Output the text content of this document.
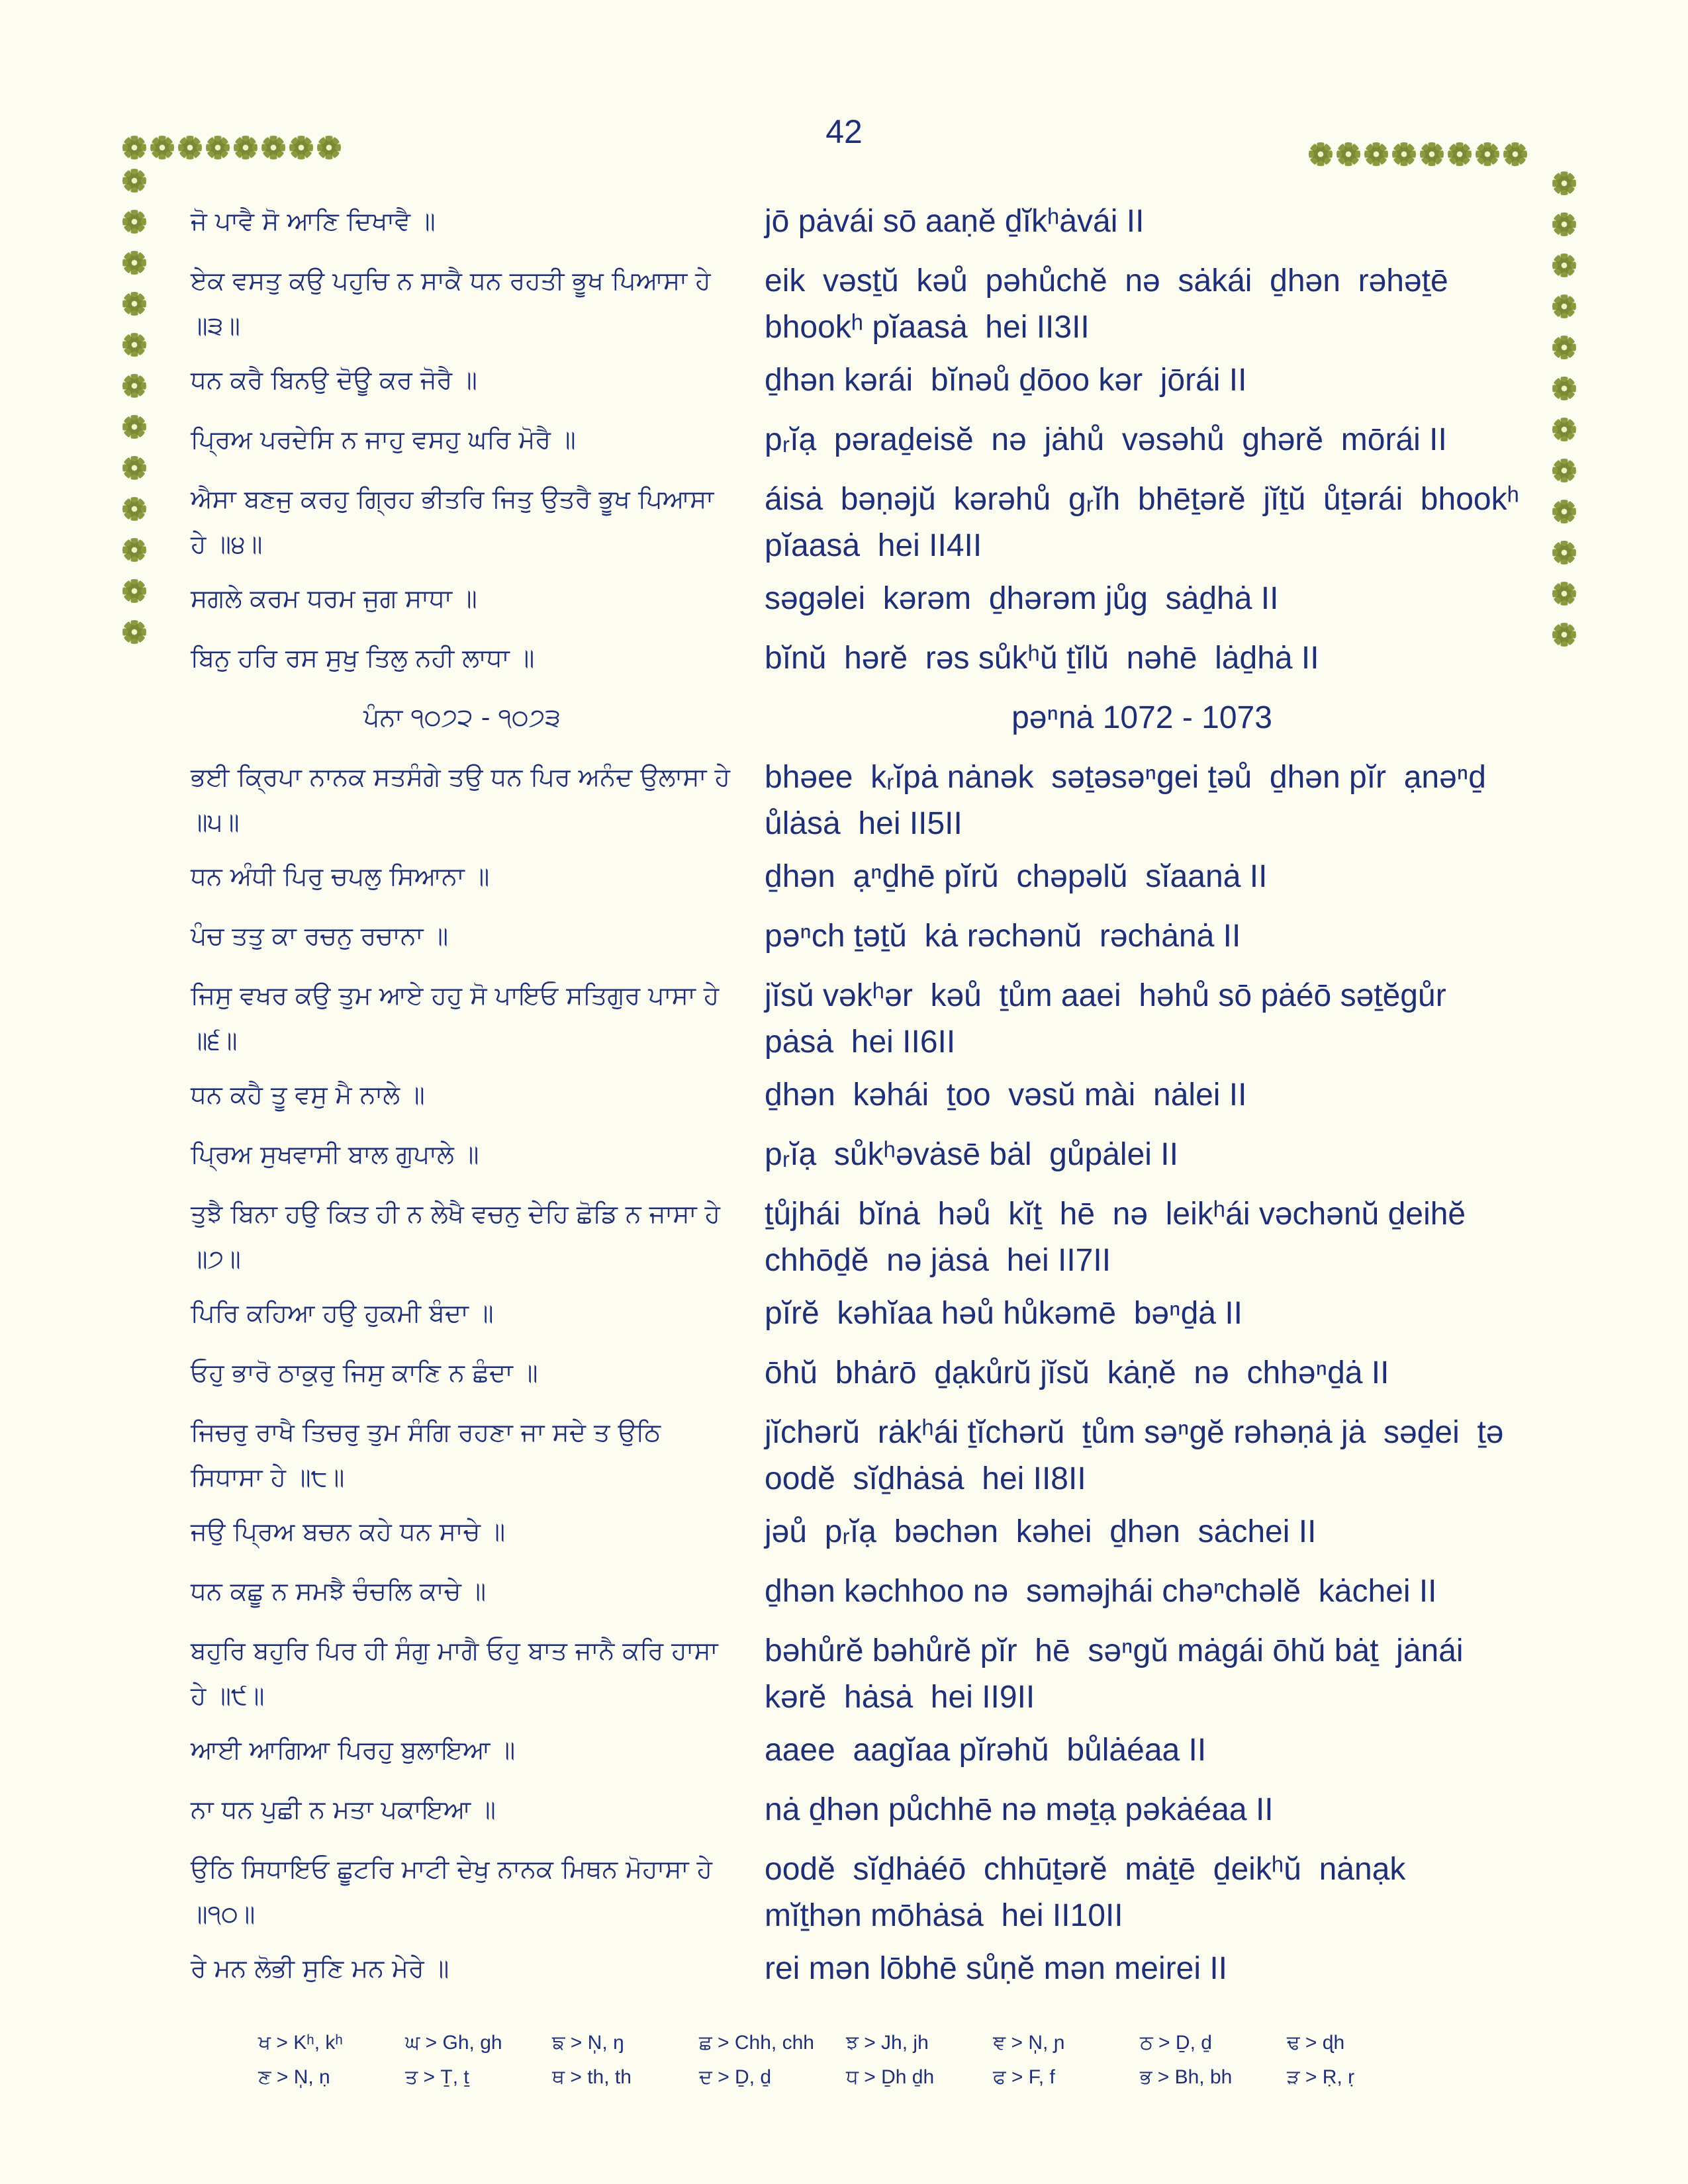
42
ਜੋ ਪਾਵੈ ਸੋ ਆਣਿ ਦਿਖਾਵੈ ॥	jō pȧvái sō aaṇĕ ḏĭkʰȧvái II
ਏਕ ਵਸਤੁ ਕਉ ਪਹੁਚਿ ਨ ਸਾਕੈ ਧਨ ਰਹਤੀ ਭੂਖ ਪਿਆਸਾ ਹੇ ॥੩॥
eik  vəsṯŭ  kəů  pəhůchĕ  nə  sȧkái  ḏhən  rəhəṯē  bhookʰ pĭaasȧ  hei II3II
ਧਨ ਕਰੈ ਬਿਨਉ ਦੋਊ ਕਰ ਜੋਰੈ ॥	ḏhən kərái  bĭnəů ḏōoo kər  jōrái II
ਪ੍ਰਿਅ ਪਰਦੇਸਿ ਨ ਜਾਹੁ ਵਸਹੁ ਘਰਿ ਮੋਰੈ ॥	pᵣĭạ  pəraḏeisĕ  nə  jȧhů  vəsəhů  ghərĕ  mōrái II
ਐਸਾ ਬਣਜੁ ਕਰਹੁ ਗ੍ਰਿਹ ਭੀਤਰਿ ਜਿਤੁ ਉਤਰੈ ਭੂਖ ਪਿਆਸਾ ਹੇ ॥੪॥
áisȧ  bəṇəjŭ  kərəhů  gᵣĭh  bhēṯərĕ  jĭṯŭ  ůṯərái  bhookʰ pĭaasȧ  hei II4II
ਸਗਲੇ ਕਰਮ ਧਰਮ ਜੁਗ ਸਾਧਾ ॥	səgəlei  kərəm  ḏhərəm jůg  sȧḏhȧ II
ਬਿਨੁ ਹਰਿ ਰਸ ਸੁਖੁ ਤਿਲੁ ਨਹੀ ਲਾਧਾ ॥	bĭnŭ  hərĕ  rəs sůkʰŭ ṯĭlŭ  nəhē  lȧḏhȧ II
ਪੰਨਾ ੧੦੭੨ - ੧੦੭੩	pəⁿnȧ 1072 - 1073
ਭਈ ਕ੍ਰਿਪਾ ਨਾਨਕ ਸਤਸੰਗੇ ਤਉ ਧਨ ਪਿਰ ਅਨੰਦ ਉਲਾਸਾ ਹੇ ॥੫॥
bhəee  kᵣĭpȧ nȧnək  səṯəsəⁿgei ṯəů  ḏhən pĭr  ạnəⁿḏ  ůlȧsȧ  hei II5II
ਧਨ ਅੰਧੀ ਪਿਰੁ ਚਪਲੁ ਸਿਆਨਾ ॥	ḏhən  ạⁿḏhē pĭrŭ  chəpəlŭ  sĭaanȧ II
ਪੰਚ ਤਤੁ ਕਾ ਰਚਨੁ ਰਚਾਨਾ ॥	pəⁿch ṯəṯŭ  kȧ rəchənŭ  rəchȧnȧ II
ਜਿਸੁ ਵਖਰ ਕਉ ਤੁਮ ਆਏ ਹਹੁ ਸੋ ਪਾਇਓ ਸਤਿਗੁਰ ਪਾਸਾ ਹੇ ॥੬॥
jĭsŭ vəkʰər  kəů  ṯům aaei  həhů sō pȧéō səṯĕgůr  pȧsȧ  hei II6II
ਧਨ ਕਹੈ ਤੂ ਵਸੁ ਮੈ ਨਾਲੇ ॥	ḏhən  kəhái  ṯoo  vəsŭ mài  nȧlei II
ਪ੍ਰਿਅ ਸੁਖਵਾਸੀ ਬਾਲ ਗੁਪਾਲੇ ॥	pᵣĭạ  sůkʰəvȧsē bȧl  gůpȧlei II
ਤੁਝੈ ਬਿਨਾ ਹਉ ਕਿਤ ਹੀ ਨ ਲੇਖੈ ਵਚਨੁ ਦੇਹਿ ਛੋਡਿ ਨ ਜਾਸਾ ਹੇ ॥੭॥
ṯůjhái  bĭnȧ  həů  kĭṯ  hē  nə  leikʰái vəchənŭ ḏeihĕ  chhōḏĕ  nə jȧsȧ  hei II7II
ਪਿਰਿ ਕਹਿਆ ਹਉ ਹੁਕਮੀ ਬੰਦਾ ॥	pĭrĕ  kəhĭaa həů hůkəmē  bəⁿḏȧ II
ਓਹੁ ਭਾਰੋ ਠਾਕੁਰੁ ਜਿਸੁ ਕਾਣਿ ਨ ਛੰਦਾ ॥	ōhŭ  bhȧrō  ḏạkůrŭ jĭsŭ  kȧṇĕ  nə  chhəⁿḏȧ II
ਜਿਚਰੁ ਰਾਖੈ ਤਿਚਰੁ ਤੁਮ ਸੰਗਿ ਰਹਣਾ ਜਾ ਸਦੇ ਤ ਉਠਿ ਸਿਧਾਸਾ ਹੇ ॥੮॥
jĭchərŭ  rȧkʰái ṯĭchərŭ  ṯům səⁿgĕ rəhəṇȧ jȧ  səḏei  ṯə oodĕ  sĭḏhȧsȧ  hei II8II
ਜਉ ਪ੍ਰਿਅ ਬਚਨ ਕਹੇ ਧਨ ਸਾਚੇ ॥	jəů  pᵣĭạ  bəchən  kəhei  ḏhən  sȧchei II
ਧਨ ਕਛੂ ਨ ਸਮਝੈ ਚੰਚਲਿ ਕਾਚੇ ॥	ḏhən kəchhoo nə  səməjhái chəⁿchəlĕ  kȧchei II
ਬਹੁਰਿ ਬਹੁਰਿ ਪਿਰ ਹੀ ਸੰਗੁ ਮਾਗੈ ਓਹੁ ਬਾਤ ਜਾਨੈ ਕਰਿ ਹਾਸਾ ਹੇ ॥੯॥
bəhůrĕ bəhůrĕ pĭr  hē  səⁿgŭ mȧgái ōhŭ bȧṯ  jȧnái  kərĕ  hȧsȧ  hei II9II
ਆਈ ਆਗਿਆ ਪਿਰਹੁ ਬੁਲਾਇਆ ॥	aaee  aagĭaa pĭrəhŭ  bůlȧéaa II
ਨਾ ਧਨ ਪੁਛੀ ਨ ਮਤਾ ਪਕਾਇਆ ॥	nȧ ḏhən půchhē nə məṯạ pəkȧéaa II
ਉਠਿ ਸਿਧਾਇਓ ਛੂਟਰਿ ਮਾਟੀ ਦੇਖੁ ਨਾਨਕ ਮਿਥਨ ਮੋਹਾਸਾ ਹੇ ॥੧੦॥
oodĕ  sĭḏhȧéō  chhūṯərĕ  mȧṯē  ḏeikʰŭ  nȧnạk  mĭṯhən mōhȧsȧ  hei II10II
ਰੇ ਮਨ ਲੋਭੀ ਸੁਣਿ ਮਨ ਮੇਰੇ ॥	rei mən lōbhē sůṇĕ mən meirei II
ਖ > Kʰ, kʰ	ਘ > Gh, gh	ਙ > N̩, ŋ	ਛ > Chh, chh ਝ > Jh, jh	ਞ > N̩, ɲ	ਠ > Ḏ, ḏ	ਢ > ɖh
ਣ > N̩, ṇ	ਤ > Ṯ, ṯ	ਥ > th, th	ਦ > Ḏ, ḏ	ਧ > Ḏh ḏh	ਫ > F, f	ਭ > Bh, bh	ੜ > Ṛ, ṛ
